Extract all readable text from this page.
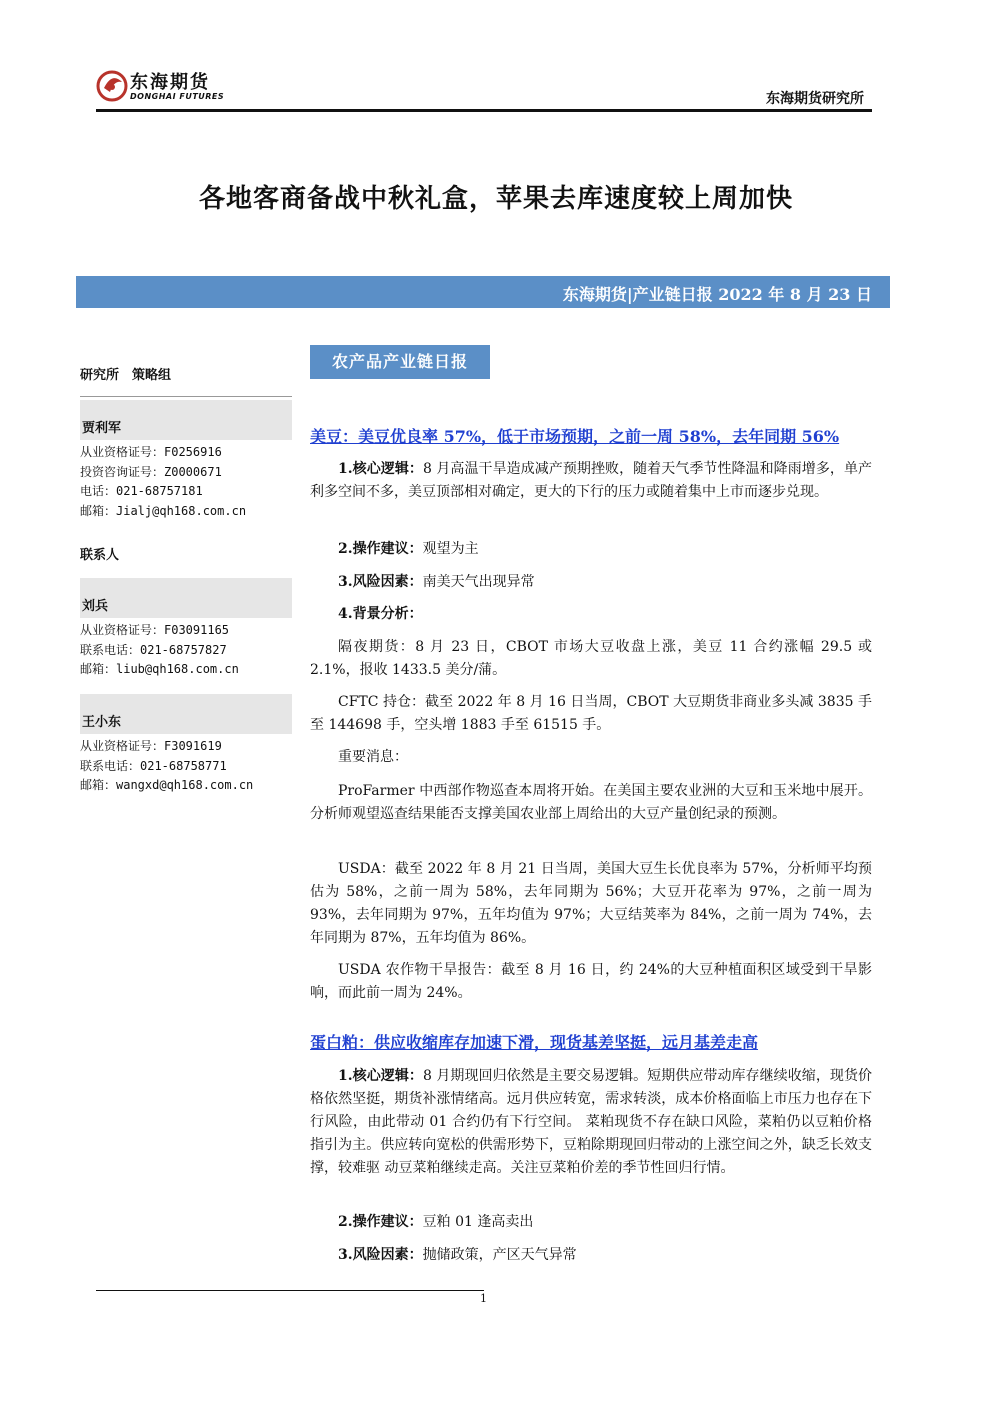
东海期货
DONGHAI FUTURES	东海期货研究所
各地客商备战中秋礼盒，苹果去库速度较上周加快
东海期货|产业链日报 2022 年 8 月 23 日
研究所　策略组
贾利军
从业资格证号：F0256916
投资咨询证号：Z0000671
电话：021-68757181
邮箱：Jialj@qh168.com.cn
联系人
刘兵
从业资格证号：F03091165
联系电话：021-68757827
邮箱：liub@qh168.com.cn
王小东
从业资格证号：F3091619
联系电话：021-68758771
邮箱：wangxd@qh168.com.cn
农产品产业链日报
美豆：美豆优良率 57%，低于市场预期，之前一周 58%，去年同期 56%
1.核心逻辑：8 月高温干旱造成减产预期挫败，随着天气季节性降温和降雨增多，单产利多空间不多，美豆顶部相对确定，更大的下行的压力或随着集中上市而逐步兑现。
2.操作建议：观望为主
3.风险因素：南美天气出现异常
4.背景分析：
隔夜期货：8 月 23 日，CBOT 市场大豆收盘上涨，美豆 11 合约涨幅 29.5 或 2.1%，报收 1433.5 美分/蒲。
CFTC 持仓：截至 2022 年 8 月 16 日当周，CBOT 大豆期货非商业多头减 3835 手至 144698 手，空头增 1883 手至 61515 手。
重要消息：
ProFarmer 中西部作物巡查本周将开始。在美国主要农业洲的大豆和玉米地中展开。分析师观望巡查结果能否支撑美国农业部上周给出的大豆产量创纪录的预测。
USDA：截至 2022 年 8 月 21 日当周，美国大豆生长优良率为 57%，分析师平均预估为 58%，之前一周为 58%，去年同期为 56%；大豆开花率为 97%，之前一周为 93%，去年同期为 97%，五年均值为 97%；大豆结荚率为 84%，之前一周为 74%，去年同期为 87%，五年均值为 86%。
USDA 农作物干旱报告：截至 8 月 16 日，约 24%的大豆种植面积区域受到干旱影响，而此前一周为 24%。
蛋白粕：供应收缩库存加速下滑，现货基差坚挺，远月基差走高
1.核心逻辑：8 月期现回归依然是主要交易逻辑。短期供应带动库存继续收缩，现货价格依然坚挺，期货补涨情绪高。远月供应转宽，需求转淡，成本价格面临上市压力也存在下行风险，由此带动 01 合约仍有下行空间。 菜粕现货不存在缺口风险，菜粕仍以豆粕价格指引为主。供应转向宽松的供需形势下，豆粕除期现回归带动的上涨空间之外，缺乏长效支撑，较难驱 动豆菜粕继续走高。关注豆菜粕价差的季节性回归行情。
2.操作建议：豆粕 01 逢高卖出
3.风险因素：抛储政策，产区天气异常
1
